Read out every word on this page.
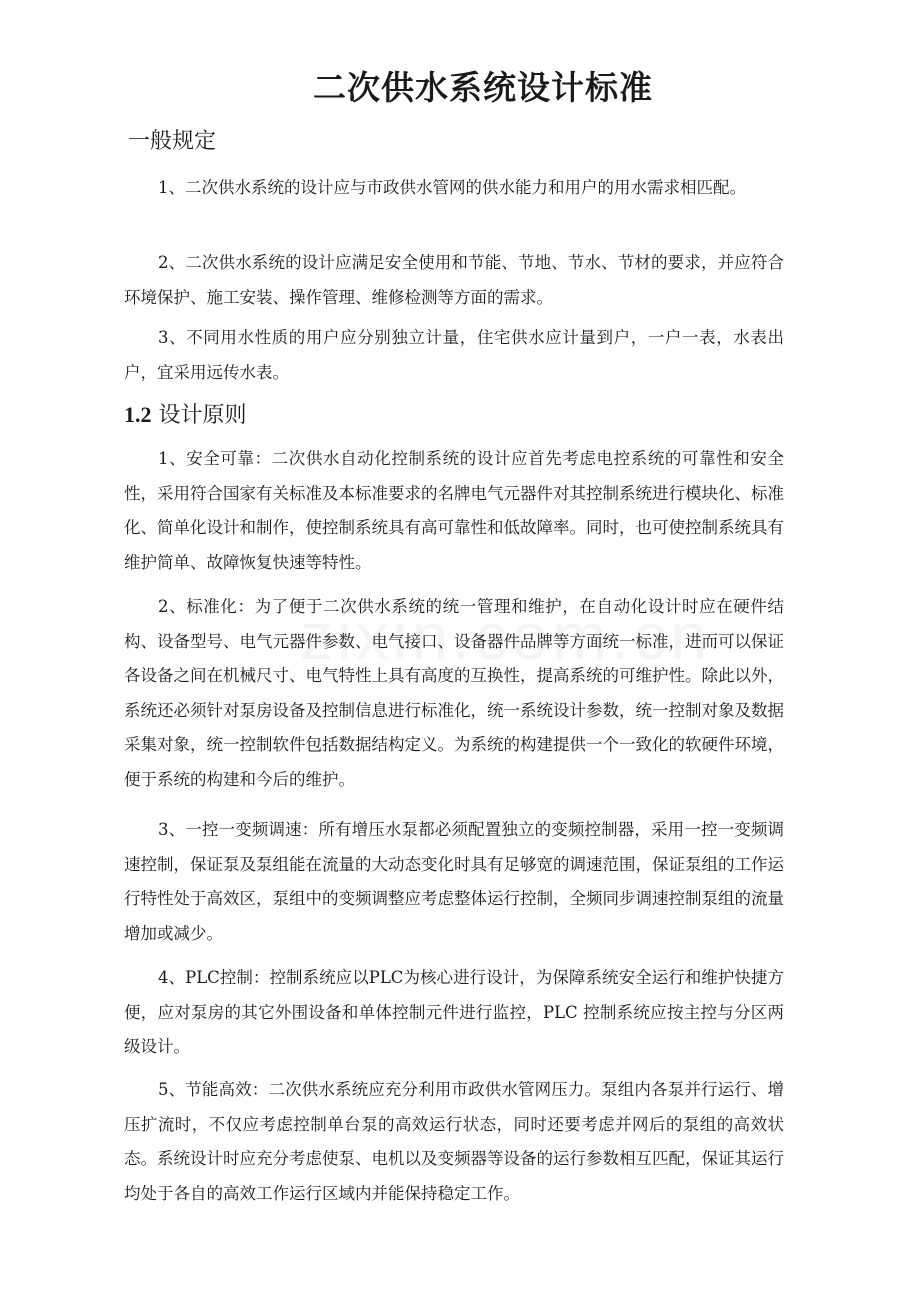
二次供水系统设计标准
一般规定

1、二次供水系统的设计应与市政供水管网的供水能力和用户的用水需求相匹配。

2、二次供水系统的设计应满足安全使用和节能、节地、节水、节材的要求，并应符合环境保护、施工安装、操作管理、维修检测等方面的需求。

3、不同用水性质的用户应分别独立计量，住宅供水应计量到户，一户一表，水表出户，宜采用远传水表。

1.2 设计原则

1、安全可靠：二次供水自动化控制系统的设计应首先考虑电控系统的可靠性和安全性，采用符合国家有关标准及本标准要求的名牌电气元器件对其控制系统进行模块化、标准化、简单化设计和制作，使控制系统具有高可靠性和低故障率。同时，也可使控制系统具有维护简单、故障恢复快速等特性。

2、标准化：为了便于二次供水系统的统一管理和维护，在自动化设计时应在硬件结构、设备型号、电气元器件参数、电气接口、设备器件品牌等方面统一标准，进而可以保证各设备之间在机械尺寸、电气特性上具有高度的互换性，提高系统的可维护性。除此以外，系统还必须针对泵房设备及控制信息进行标准化，统一系统设计参数，统一控制对象及数据采集对象，统一控制软件包括数据结构定义。为系统的构建提供一个一致化的软硬件环境，便于系统的构建和今后的维护。

3、一控一变频调速：所有增压水泵都必须配置独立的变频控制器，采用一控一变频调速控制，保证泵及泵组能在流量的大动态变化时具有足够宽的调速范围，保证泵组的工作运行特性处于高效区，泵组中的变频调整应考虑整体运行控制，全频同步调速控制泵组的流量增加或减少。

4、PLC控制：控制系统应以PLC为核心进行设计，为保障系统安全运行和维护快捷方便，应对泵房的其它外围设备和单体控制元件进行监控，PLC 控制系统应按主控与分区两级设计。

5、节能高效：二次供水系统应充分利用市政供水管网压力。泵组内各泵并行运行、增压扩流时，不仅应考虑控制单台泵的高效运行状态，同时还要考虑并网后的泵组的高效状态。系统设计时应充分考虑使泵、电机以及变频器等设备的运行参数相互匹配，保证其运行均处于各自的高效工作运行区域内并能保持稳定工作。
